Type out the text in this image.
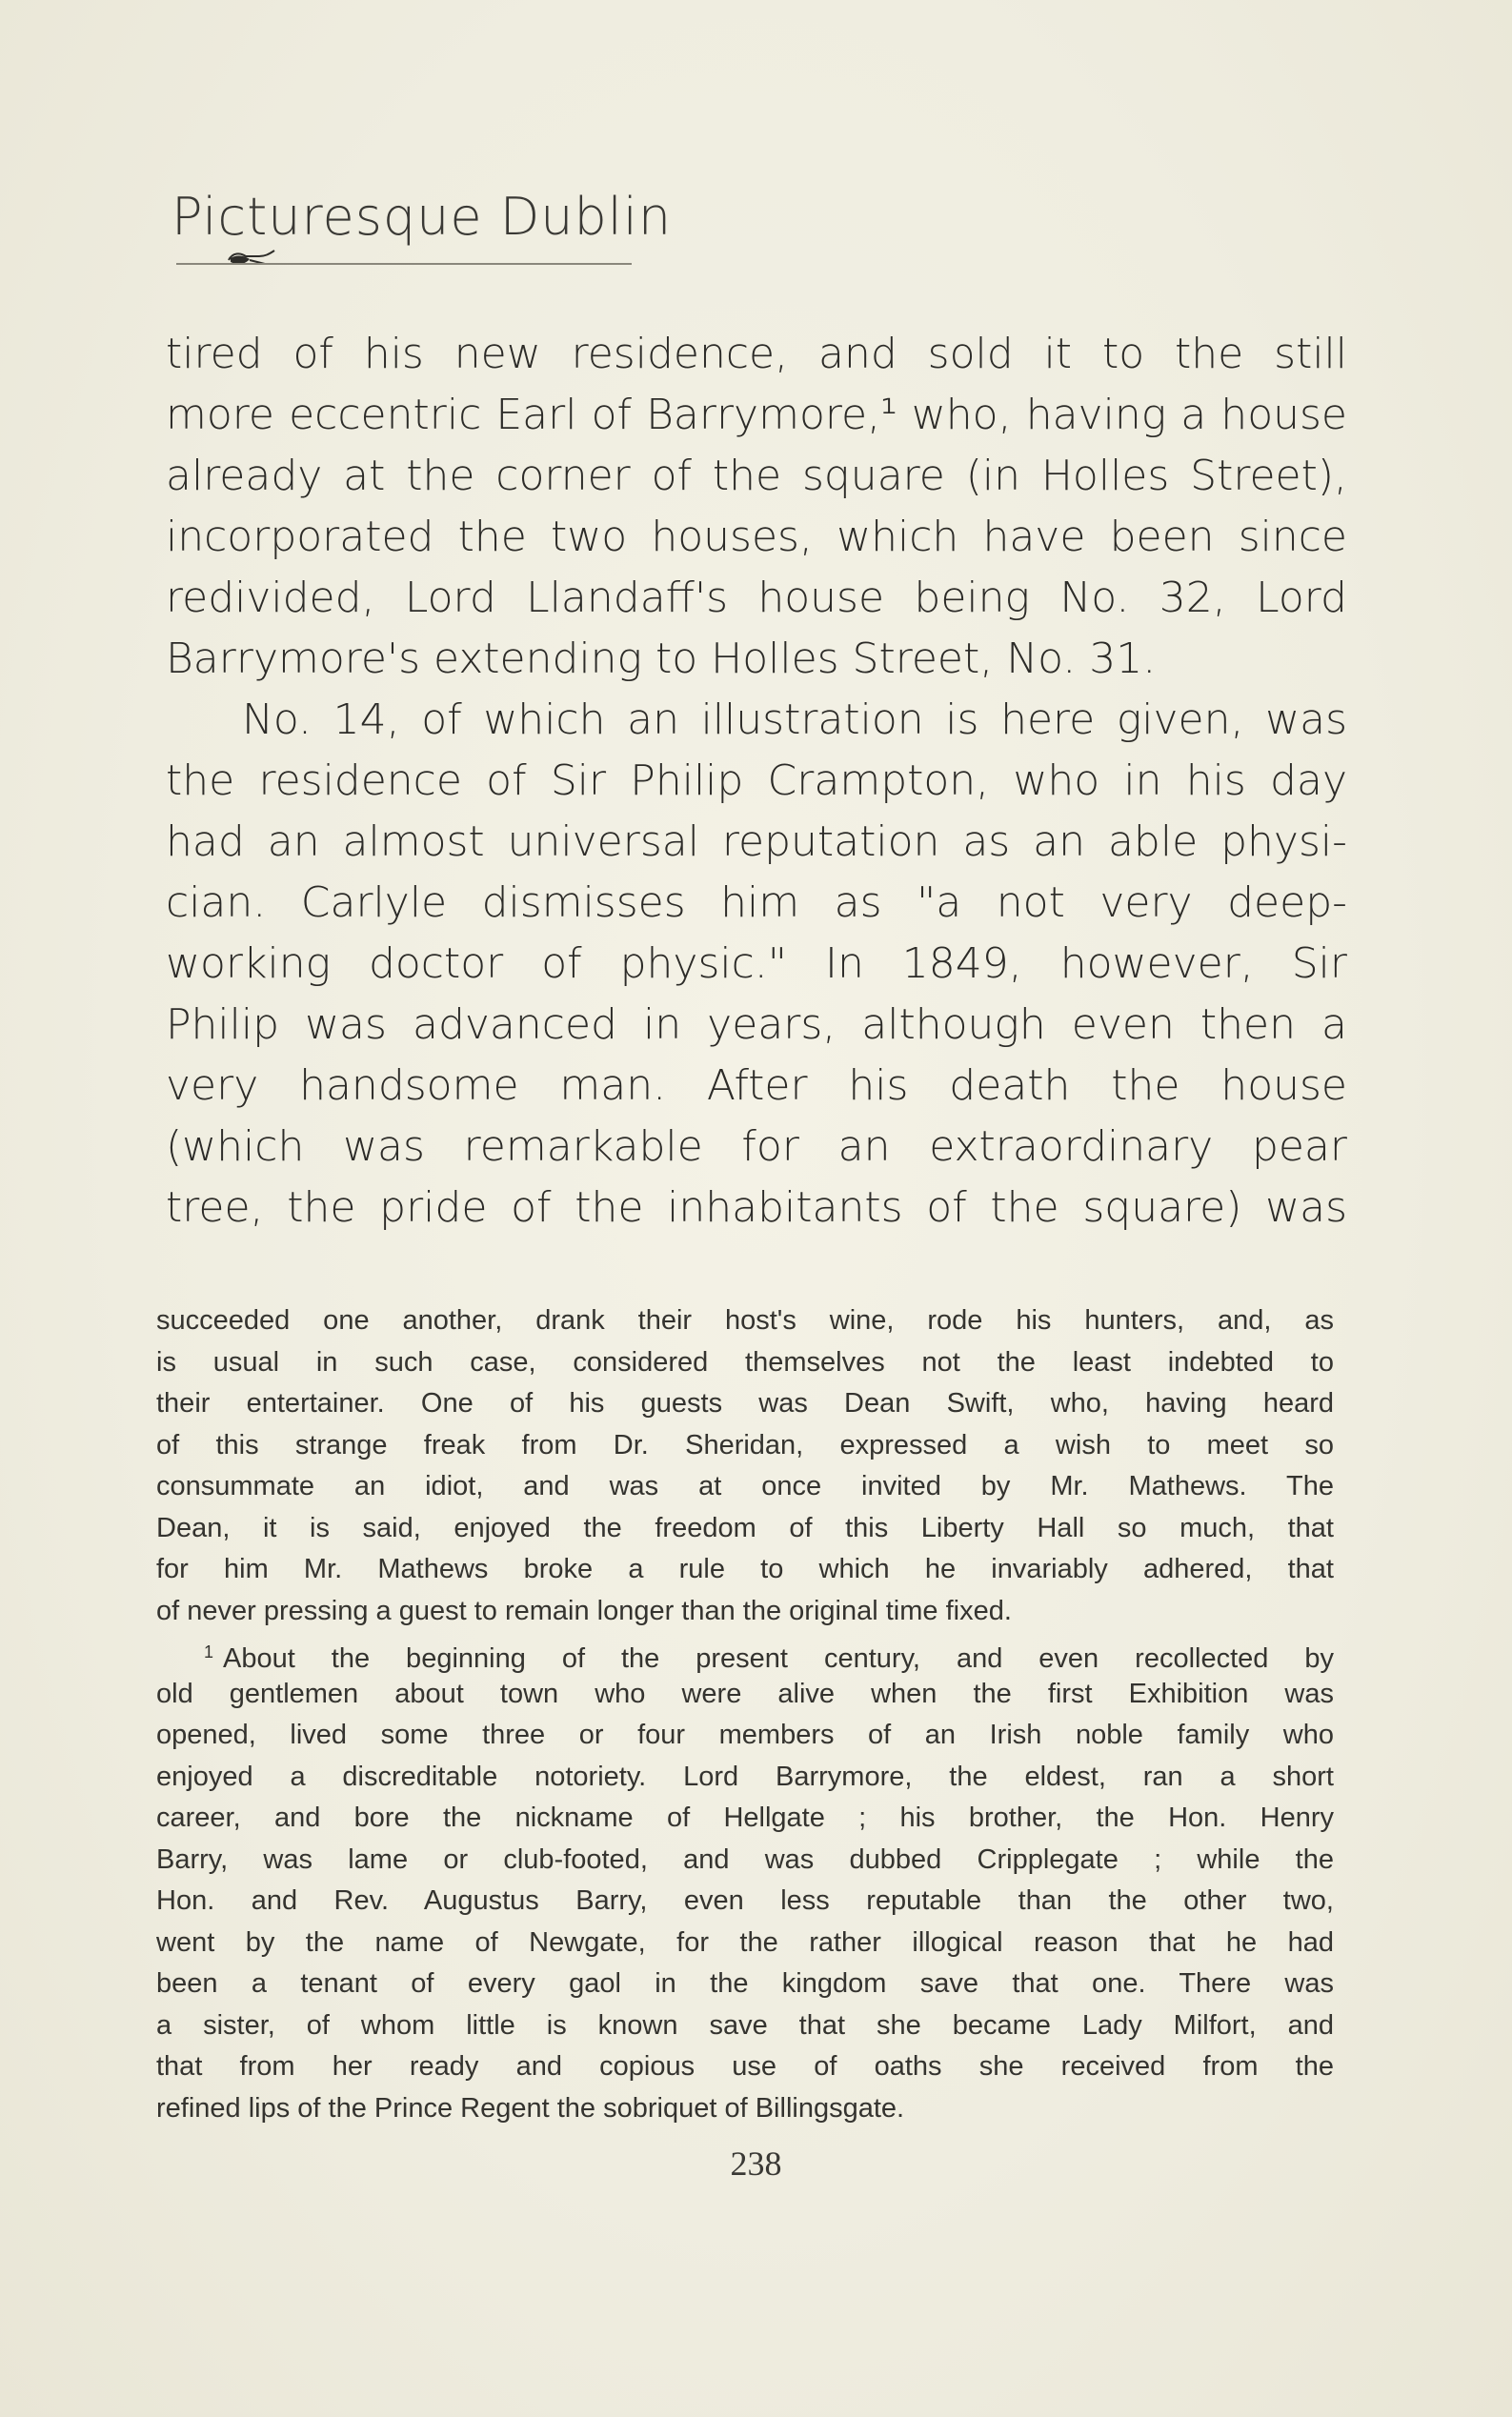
Picturesque Dublin
tired of his new residence, and sold it to the still
more eccentric Earl of Barrymore,¹ who, having a house
already at the corner of the square (in Holles Street),
incorporated the two houses, which have been since
redivided, Lord Llandaff's house being No. 32, Lord
Barrymore's extending to Holles Street, No. 31.
No. 14, of which an illustration is here given, was
the residence of Sir Philip Crampton, who in his day
had an almost universal reputation as an able physi-
cian. Carlyle dismisses him as "a not very deep-
working doctor of physic." In 1849, however, Sir
Philip was advanced in years, although even then a
very handsome man. After his death the house
(which was remarkable for an extraordinary pear
tree, the pride of the inhabitants of the square) was
succeeded one another, drank their host's wine, rode his hunters, and, as
is usual in such case, considered themselves not the least indebted to
their entertainer. One of his guests was Dean Swift, who, having heard
of this strange freak from Dr. Sheridan, expressed a wish to meet so
consummate an idiot, and was at once invited by Mr. Mathews. The
Dean, it is said, enjoyed the freedom of this Liberty Hall so much, that
for him Mr. Mathews broke a rule to which he invariably adhered, that
of never pressing a guest to remain longer than the original time fixed.
$^1$ About the beginning of the present century, and even recollected by
old gentlemen about town who were alive when the first Exhibition was
opened, lived some three or four members of an Irish noble family who
enjoyed a discreditable notoriety. Lord Barrymore, the eldest, ran a short
career, and bore the nickname of Hellgate ; his brother, the Hon. Henry
Barry, was lame or club-footed, and was dubbed Cripplegate ; while the
Hon. and Rev. Augustus Barry, even less reputable than the other two,
went by the name of Newgate, for the rather illogical reason that he had
been a tenant of every gaol in the kingdom save that one. There was
a sister, of whom little is known save that she became Lady Milfort, and
that from her ready and copious use of oaths she received from the
refined lips of the Prince Regent the sobriquet of Billingsgate.
238
